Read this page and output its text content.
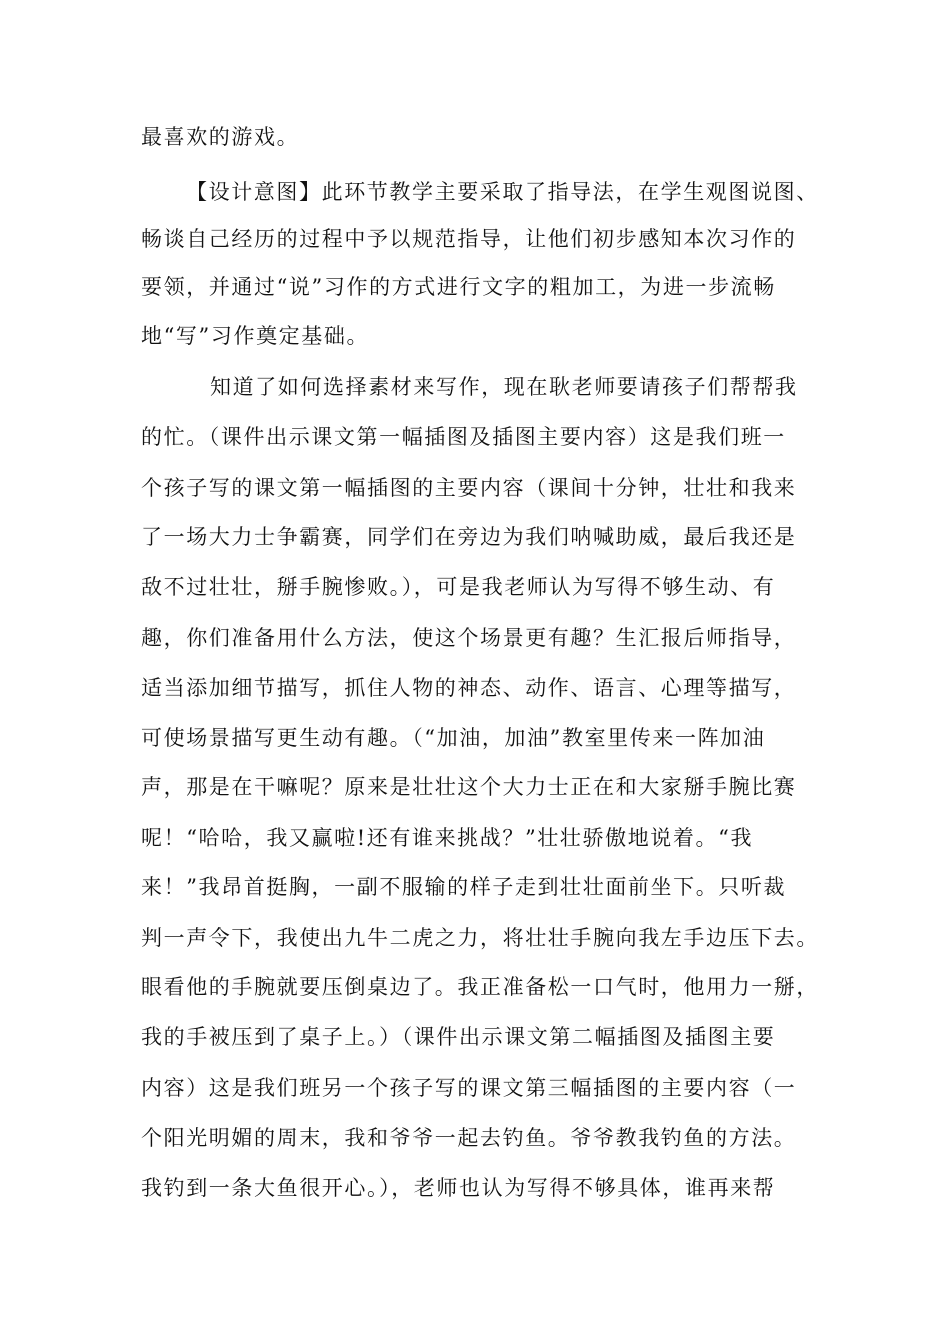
最喜欢的游戏。
【设计意图】此环节教学主要采取了指导法，在学生观图说图、
畅谈自己经历的过程中予以规范指导，让他们初步感知本次习作的
要领，并通过“说”习作的方式进行文字的粗加工，为进一步流畅
地“写”习作奠定基础。
知道了如何选择素材来写作，现在耿老师要请孩子们帮帮我
的忙。（课件出示课文第一幅插图及插图主要内容）这是我们班一
个孩子写的课文第一幅插图的主要内容（课间十分钟，壮壮和我来
了一场大力士争霸赛，同学们在旁边为我们呐喊助威，最后我还是
敌不过壮壮，掰手腕惨败。），可是我老师认为写得不够生动、有
趣，你们准备用什么方法，使这个场景更有趣？生汇报后师指导，
适当添加细节描写，抓住人物的神态、动作、语言、心理等描写，
可使场景描写更生动有趣。（“加油，加油”教室里传来一阵加油
声，那是在干嘛呢？原来是壮壮这个大力士正在和大家掰手腕比赛
呢！“哈哈，我又赢啦!还有谁来挑战？”壮壮骄傲地说着。“我
来！”我昂首挺胸，一副不服输的样子走到壮壮面前坐下。只听裁
判一声令下，我使出九牛二虎之力，将壮壮手腕向我左手边压下去。
眼看他的手腕就要压倒桌边了。我正准备松一口气时，他用力一掰，
我的手被压到了桌子上。）（课件出示课文第二幅插图及插图主要
内容）这是我们班另一个孩子写的课文第三幅插图的主要内容（一
个阳光明媚的周末，我和爷爷一起去钓鱼。爷爷教我钓鱼的方法。
我钓到一条大鱼很开心。），老师也认为写得不够具体，谁再来帮
